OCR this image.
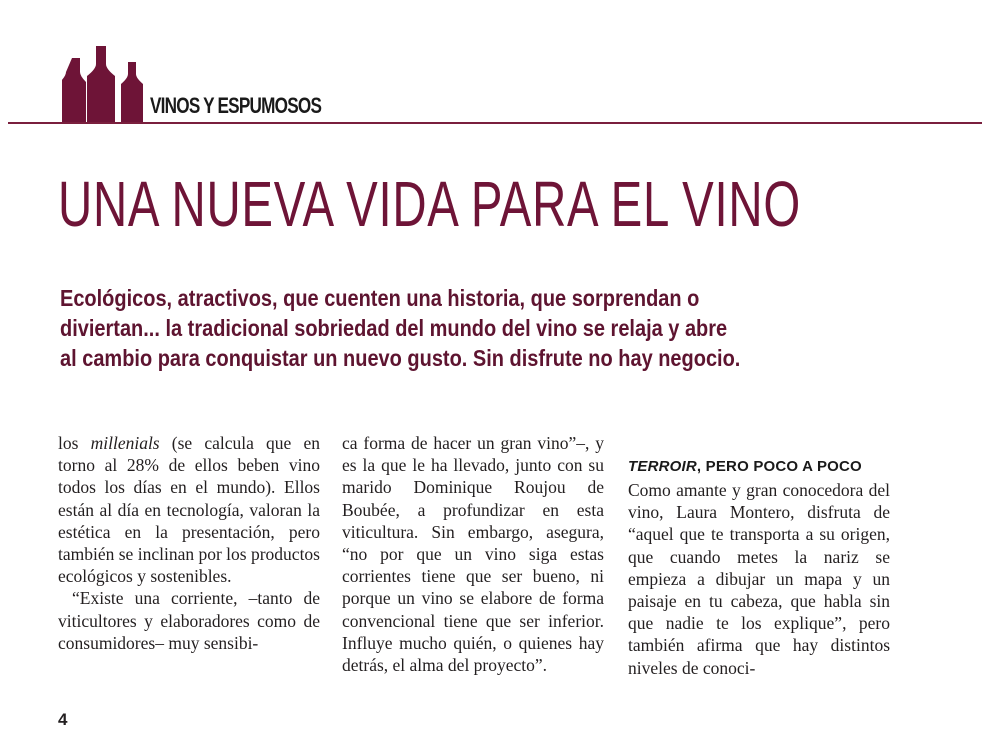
VINOS Y ESPUMOSOS
UNA NUEVA VIDA PARA EL VINO
Ecológicos, atractivos, que cuenten una historia, que sorprendan o
diviertan... la tradicional sobriedad del mundo del vino se relaja y abre
al cambio para conquistar un nuevo gusto. Sin disfrute no hay negocio.

los millenials (se calcula que en torno al 28% de ellos beben vino todos los días en el mundo). Ellos están al día en tecnología, valoran la estética en la presentación, pero también se inclinan por los productos ecológicos y sostenibles.

“Existe una corriente, –tanto de viticultores y elaboradores como de consumidores– muy sensibi-

ca forma de hacer un gran vino”–, y es la que le ha llevado, junto con su marido Dominique Roujou de Boubée, a profundizar en esta viticultura. Sin embargo, asegura, “no por que un vino siga estas corrientes tiene que ser bueno, ni porque un vino se elabore de forma convencional tiene que ser inferior. Influye mucho quién, o quienes hay detrás, el alma del proyecto”.

TERROIR, PERO POCO A POCO

Como amante y gran conocedora del vino, Laura Montero, disfruta de “aquel que te transporta a su origen, que cuando metes la nariz se empieza a dibujar un mapa y un paisaje en tu cabeza, que habla sin que nadie te los explique”, pero también afirma que hay distintos niveles de conoci-

4
